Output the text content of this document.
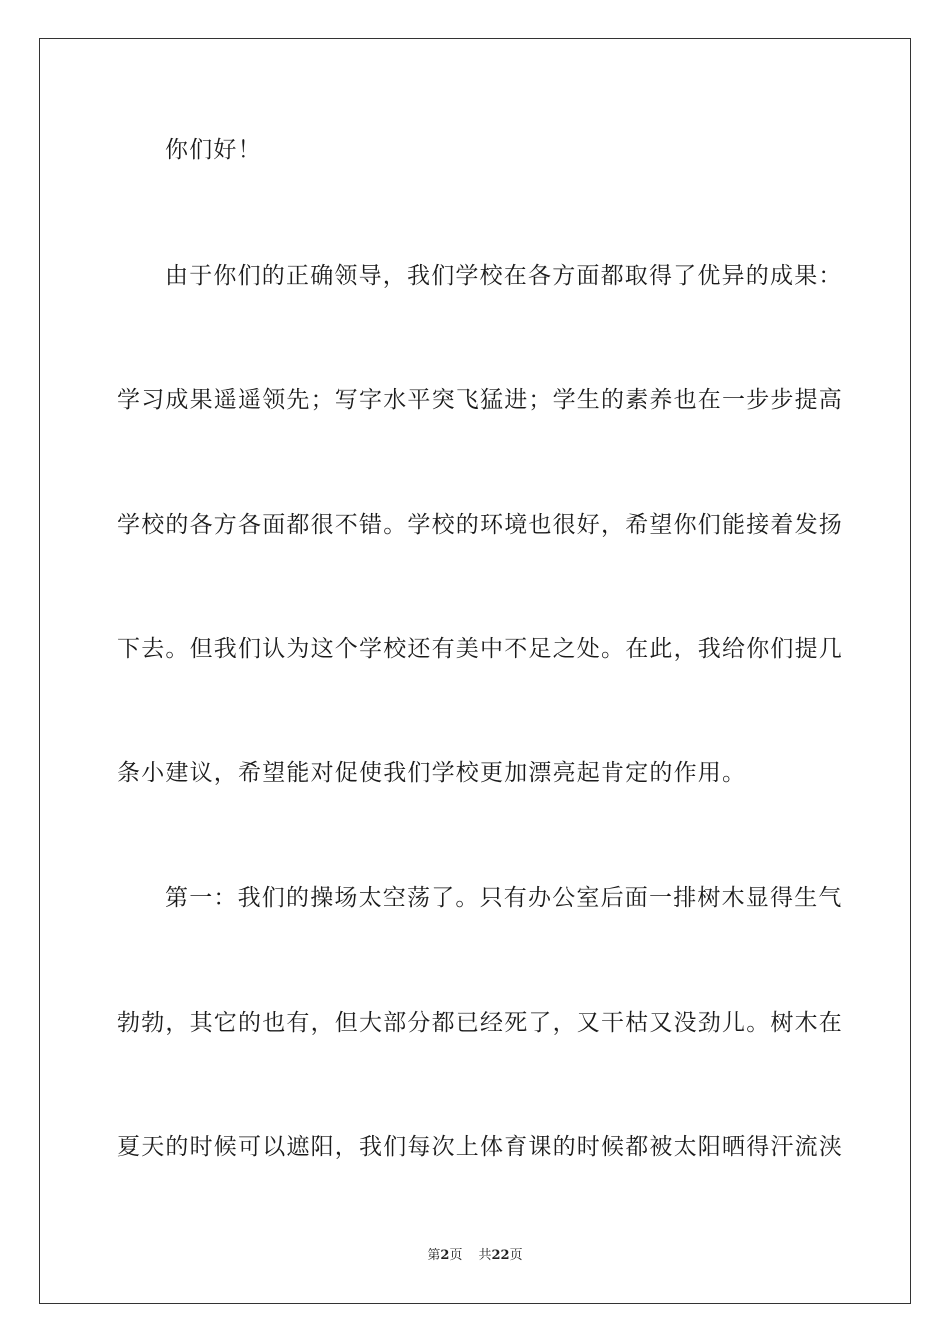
你们好！
由于你们的正确领导，我们学校在各方面都取得了优异的成果：
学习成果遥遥领先；写字水平突飞猛进；学生的素养也在一步步提高
学校的各方各面都很不错。学校的环境也很好，希望你们能接着发扬
下去。但我们认为这个学校还有美中不足之处。在此，我给你们提几
条小建议，希望能对促使我们学校更加漂亮起肯定的作用。
第一：我们的操场太空荡了。只有办公室后面一排树木显得生气
勃勃，其它的也有，但大部分都已经死了，又干枯又没劲儿。树木在
夏天的时候可以遮阳，我们每次上体育课的时候都被太阳晒得汗流浃
第2页 共22页
